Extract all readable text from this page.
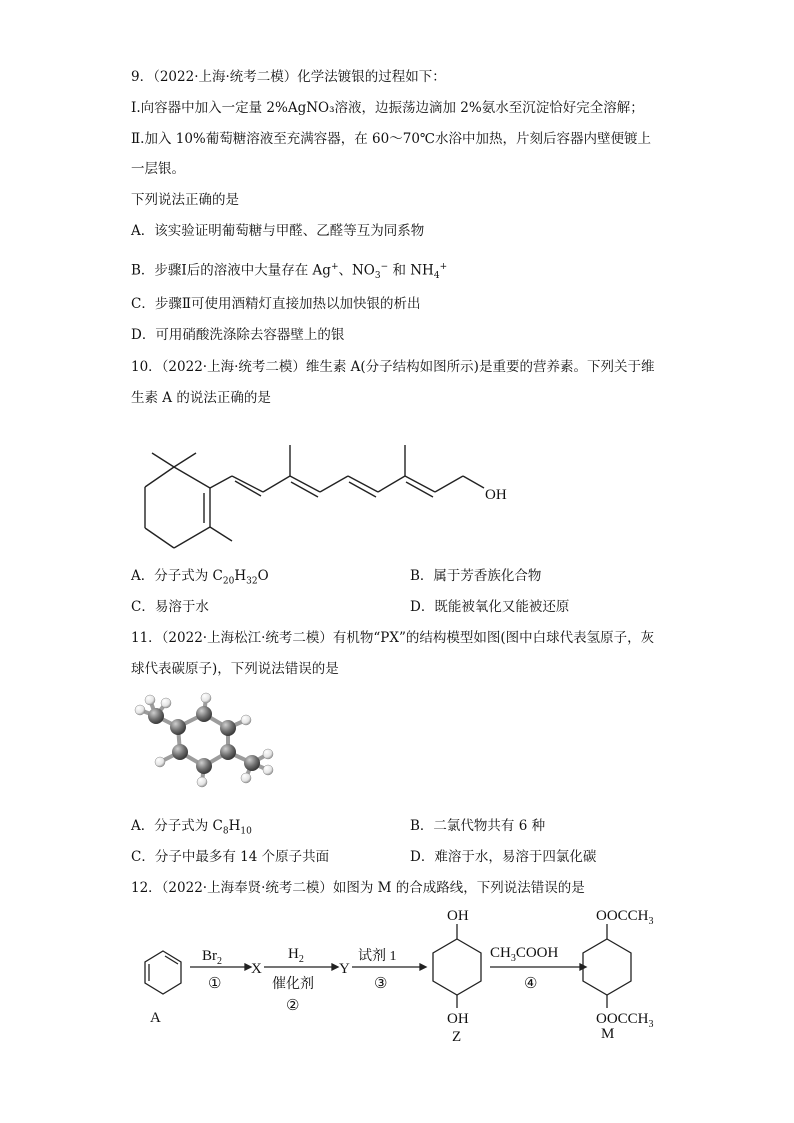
9．（2022·上海·统考二模）化学法镀银的过程如下：
Ⅰ.向容器中加入一定量 2%AgNO₃溶液，边振荡边滴加 2%氨水至沉淀恰好完全溶解；
Ⅱ.加入 10%葡萄糖溶液至充满容器，在 60～70℃水浴中加热，片刻后容器内壁便镀上
一层银。
下列说法正确的是
A．该实验证明葡萄糖与甲醛、乙醛等互为同系物
B．步骤Ⅰ后的溶液中大量存在 Ag+、$NO_3^-$ 和 $NH_4^+$
C．步骤Ⅱ可使用酒精灯直接加热以加快银的析出
D．可用硝酸洗涤除去容器壁上的银
10．（2022·上海·统考二模）维生素 A(分子结构如图所示)是重要的营养素。下列关于维
生素 A 的说法正确的是
OH
A．分子式为 $C_{20}H_{32}O$	B．属于芳香族化合物
C．易溶于水	D．既能被氧化又能被还原
11．（2022·上海松江·统考二模）有机物“PX”的结构模型如图(图中白球代表氢原子，灰
球代表碳原子)，下列说法错误的是
A．分子式为 $C_8H_{10}$	B．二氯代物共有 6 种
C．分子中最多有 14 个原子共面	D．难溶于水，易溶于四氯化碳
12．（2022·上海奉贤·统考二模）如图为 M 的合成路线，下列说法错误的是
A
$Br_2$
①
X
$H_2$
催化剂
②
Y
试剂 1
③
OH
OH
Z
$CH_3COOH$
④
$OOCCH_3$
$OOCCH_3$
M
